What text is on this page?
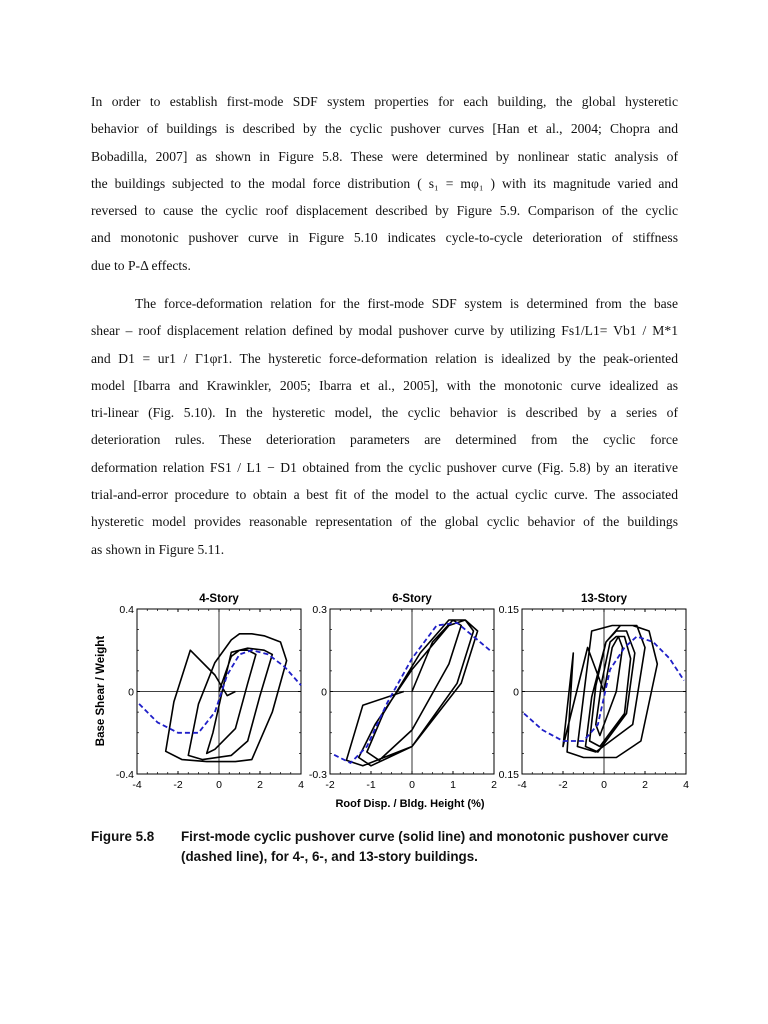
In order to establish first-mode SDF system properties for each building, the global hysteretic
behavior of buildings is described by the cyclic pushover curves [Han et al., 2004; Chopra and
Bobadilla, 2007] as shown in Figure 5.8. These were determined by nonlinear static analysis of
the buildings subjected to the modal force distribution ( s₁ = mφ₁ ) with its magnitude varied and
reversed to cause the cyclic roof displacement described by Figure 5.9. Comparison of the cyclic
and monotonic pushover curve in Figure 5.10 indicates cycle-to-cycle deterioration of stiffness
due to P-Δ effects.
The force-deformation relation for the first-mode SDF system is determined from the base
shear – roof displacement relation defined by modal pushover curve by utilizing Fs1/L1= Vb1 / M*1
and D1 = ur1 / Γ1φr1. The hysteretic force-deformation relation is idealized by the peak-oriented
model [Ibarra and Krawinkler, 2005; Ibarra et al., 2005], with the monotonic curve idealized as
tri-linear (Fig. 5.10). In the hysteretic model, the cyclic behavior is described by a series of
deterioration rules. These deterioration parameters are determined from the cyclic force
deformation relation FS1 / L1 − D1 obtained from the cyclic pushover curve (Fig. 5.8) by an iterative
trial-and-error procedure to obtain a best fit of the model to the actual cyclic curve. The associated
hysteretic model provides reasonable representation of the global cyclic behavior of the buildings
as shown in Figure 5.11.
-4	-2	0	2	4
-0.4
0
0.4
4-Story
-2	-1	0	1	2
-0.3
0
0.3
6-Story
-4	-2	0	2	4
0.15
0
0.15
13-Story
Base Shear / Weight
Roof Disp. / Bldg. Height (%)
Figure 5.8 First-mode cyclic pushover curve (solid line) and monotonic pushover curve (dashed line), for 4-, 6-, and 13-story buildings.
